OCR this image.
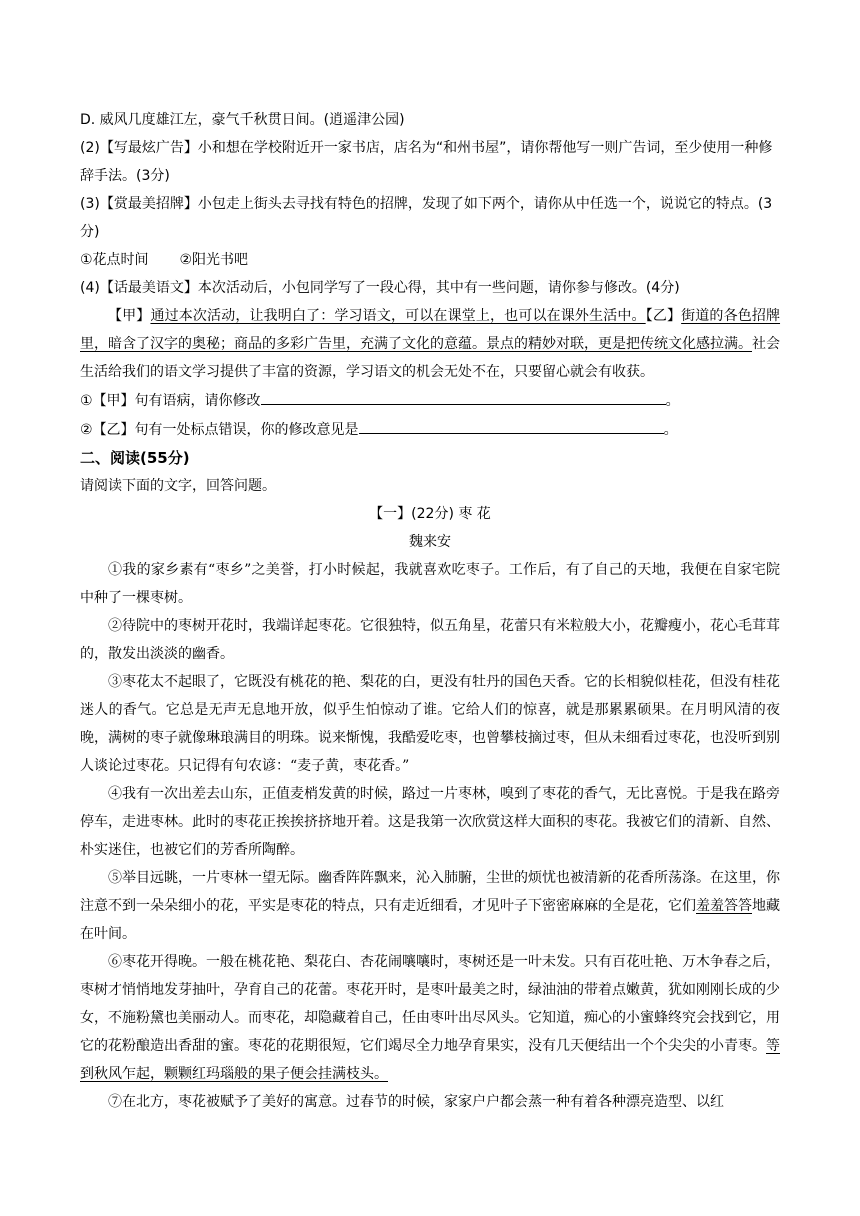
D. 威风几度雄江左，豪气千秋贯日间。(逍遥津公园)
(2)【写最炫广告】小和想在学校附近开一家书店，店名为“和州书屋”，请你帮他写一则广告词，至少使用一种修辞手法。(3分)
(3)【赏最美招牌】小包走上街头去寻找有特色的招牌，发现了如下两个，请你从中任选一个，说说它的特点。(3分)
①花点时间 ②阳光书吧
(4)【话最美语文】本次活动后，小包同学写了一段心得，其中有一些问题，请你参与修改。(4分)
【甲】通过本次活动，让我明白了：学习语文，可以在课堂上，也可以在课外生活中。【乙】街道的各色招牌里，暗含了汉字的奥秘；商品的多彩广告里，充满了文化的意蕴。景点的精妙对联，更是把传统文化感拉满。社会生活给我们的语文学习提供了丰富的资源，学习语文的机会无处不在，只要留心就会有收获。
①【甲】句有语病，请你修改	。
②【乙】句有一处标点错误，你的修改意见是	。
二、阅读(55分)
请阅读下面的文字，回答问题。
【一】(22分) 枣 花
魏来安
①我的家乡素有“枣乡”之美誉，打小时候起，我就喜欢吃枣子。工作后，有了自己的天地，我便在自家宅院中种了一棵枣树。
②待院中的枣树开花时，我端详起枣花。它很独特，似五角星，花蕾只有米粒般大小，花瓣瘦小，花心毛茸茸的，散发出淡淡的幽香。
③枣花太不起眼了，它既没有桃花的艳、梨花的白，更没有牡丹的国色天香。它的长相貌似桂花，但没有桂花迷人的香气。它总是无声无息地开放，似乎生怕惊动了谁。它给人们的惊喜，就是那累累硕果。在月明风清的夜晚，满树的枣子就像琳琅满目的明珠。说来惭愧，我酷爱吃枣，也曾攀枝摘过枣，但从未细看过枣花，也没听到别人谈论过枣花。只记得有句农谚：“麦子黄，枣花香。”
④我有一次出差去山东，正值麦梢发黄的时候，路过一片枣林，嗅到了枣花的香气，无比喜悦。于是我在路旁停车，走进枣林。此时的枣花正挨挨挤挤地开着。这是我第一次欣赏这样大面积的枣花。我被它们的清新、自然、朴实迷住，也被它们的芳香所陶醉。
⑤举目远眺，一片枣林一望无际。幽香阵阵飘来，沁入肺腑，尘世的烦忧也被清新的花香所荡涤。在这里，你注意不到一朵朵细小的花，平实是枣花的特点，只有走近细看，才见叶子下密密麻麻的全是花，它们羞羞答答地藏在叶间。
⑥枣花开得晚。一般在桃花艳、梨花白、杏花闹嚷嚷时，枣树还是一叶未发。只有百花吐艳、万木争春之后，枣树才悄悄地发芽抽叶，孕育自己的花蕾。枣花开时，是枣叶最美之时，绿油油的带着点嫩黄，犹如刚刚长成的少女，不施粉黛也美丽动人。而枣花，却隐藏着自己，任由枣叶出尽风头。它知道，痴心的小蜜蜂终究会找到它，用它的花粉酿造出香甜的蜜。枣花的花期很短，它们竭尽全力地孕育果实，没有几天便结出一个个尖尖的小青枣。等到秋风乍起，颗颗红玛瑙般的果子便会挂满枝头。
⑦在北方，枣花被赋予了美好的寓意。过春节的时候，家家户户都会蒸一种有着各种漂亮造型、以红
